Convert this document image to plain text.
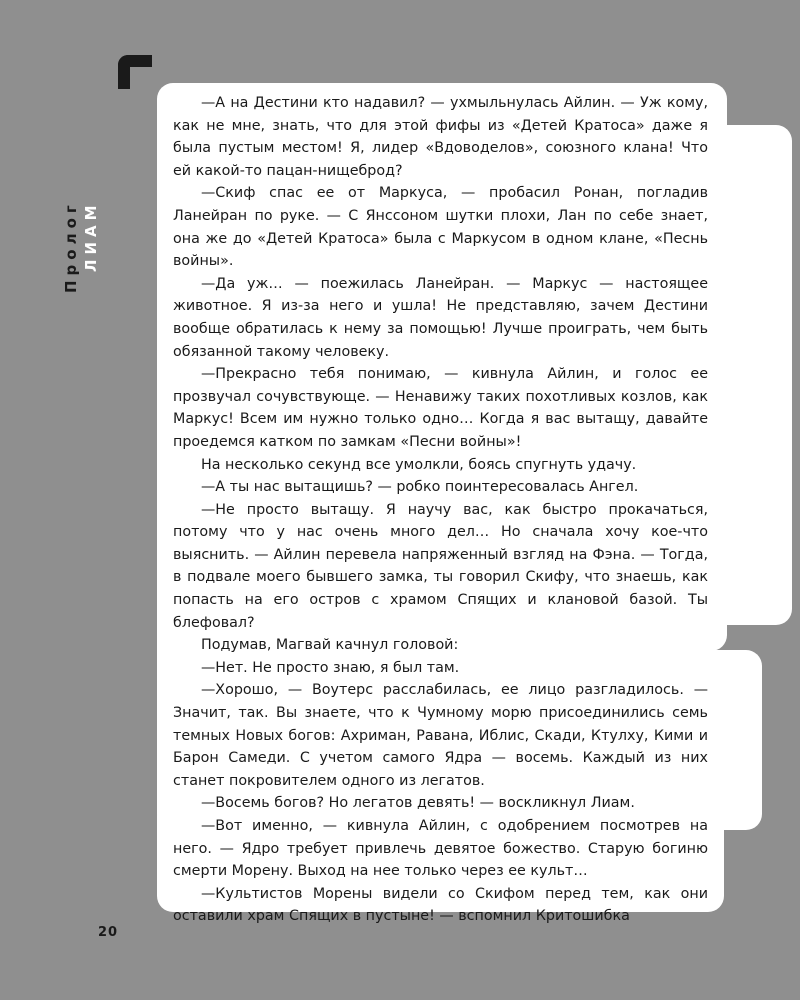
Пролог ЛИАМ

—А на Дестини кто надавил? — ухмыльнулась Айлин. — Уж кому, как не мне, знать, что для этой фифы из «Детей Кратоса» даже я была пустым местом! Я, лидер «Вдоводелов», союзного клана! Что ей какой-то пацан-нищеброд?

—Скиф спас ее от Маркуса, — пробасил Ронан, погладив Ланейран по руке. — С Янссоном шутки плохи, Лан по себе знает, она же до «Детей Кратоса» была с Маркусом в одном клане, «Песнь войны».

—Да уж… — поежилась Ланейран. — Маркус — настоящее животное. Я из-за него и ушла! Не представляю, зачем Дестини вообще обратилась к нему за помощью! Лучше проиграть, чем быть обязанной такому человеку.

—Прекрасно тебя понимаю, — кивнула Айлин, и голос ее прозвучал сочувствующе. — Ненавижу таких похотливых козлов, как Маркус! Всем им нужно только одно… Когда я вас вытащу, давайте проедемся катком по замкам «Песни войны»!

На несколько секунд все умолкли, боясь спугнуть удачу.

—А ты нас вытащишь? — робко поинтересовалась Ангел.

—Не просто вытащу. Я научу вас, как быстро прокачаться, потому что у нас очень много дел… Но сначала хочу кое-что выяснить. — Айлин перевела напряженный взгляд на Фэна. — Тогда, в подвале моего бывшего замка, ты говорил Скифу, что знаешь, как попасть на его остров с храмом Спящих и клановой базой. Ты блефовал?

Подумав, Магвай качнул головой:

—Нет. Не просто знаю, я был там.

—Хорошо, — Воутерс расслабилась, ее лицо разгладилось. — Значит, так. Вы знаете, что к Чумному морю присоединились семь темных Новых богов: Ахриман, Равана, Иблис, Скади, Ктулху, Кими и Барон Самеди. С учетом самого Ядра — восемь. Каждый из них станет покровителем одного из легатов.

—Восемь богов? Но легатов девять! — воскликнул Лиам.

—Вот именно, — кивнула Айлин, с одобрением посмотрев на него. — Ядро требует привлечь девятое божество. Старую богиню смерти Морену. Выход на нее только через ее культ…

—Культистов Морены видели со Скифом перед тем, как они оставили храм Спящих в пустыне! — вспомнил Критошибка

20
